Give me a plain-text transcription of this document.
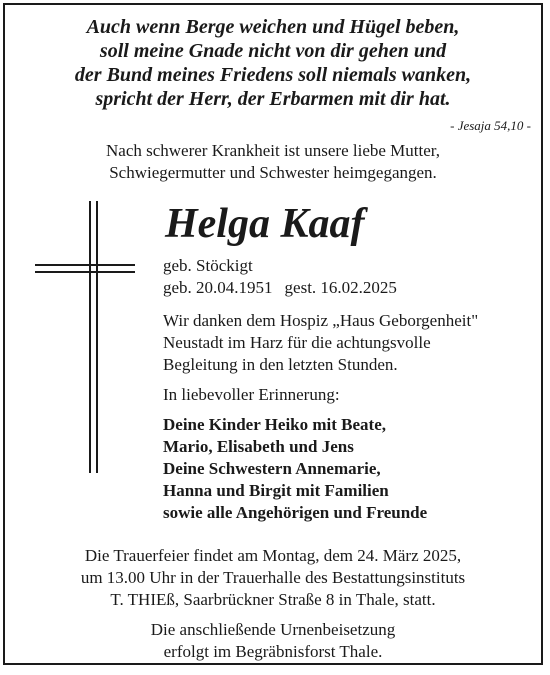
Auch wenn Berge weichen und Hügel beben,
soll meine Gnade nicht von dir gehen und
der Bund meines Friedens soll niemals wanken,
spricht der Herr, der Erbarmen mit dir hat.
- Jesaja 54,10 -
Nach schwerer Krankheit ist unsere liebe Mutter,
Schwiegermutter und Schwester heimgegangen.
Helga Kaaf
geb. Stöckigt
geb. 20.04.1951 gest. 16.02.2025
Wir danken dem Hospiz „Haus Geborgenheit"
Neustadt im Harz für die achtungsvolle
Begleitung in den letzten Stunden.
In liebevoller Erinnerung:
Deine Kinder Heiko mit Beate,
Mario, Elisabeth und Jens
Deine Schwestern Annemarie,
Hanna und Birgit mit Familien
sowie alle Angehörigen und Freunde
Die Trauerfeier findet am Montag, dem 24. März 2025,
um 13.00 Uhr in der Trauerhalle des Bestattungsinstituts
T. THIEß, Saarbrückner Straße 8 in Thale, statt.
Die anschließende Urnenbeisetzung
erfolgt im Begräbnisforst Thale.
